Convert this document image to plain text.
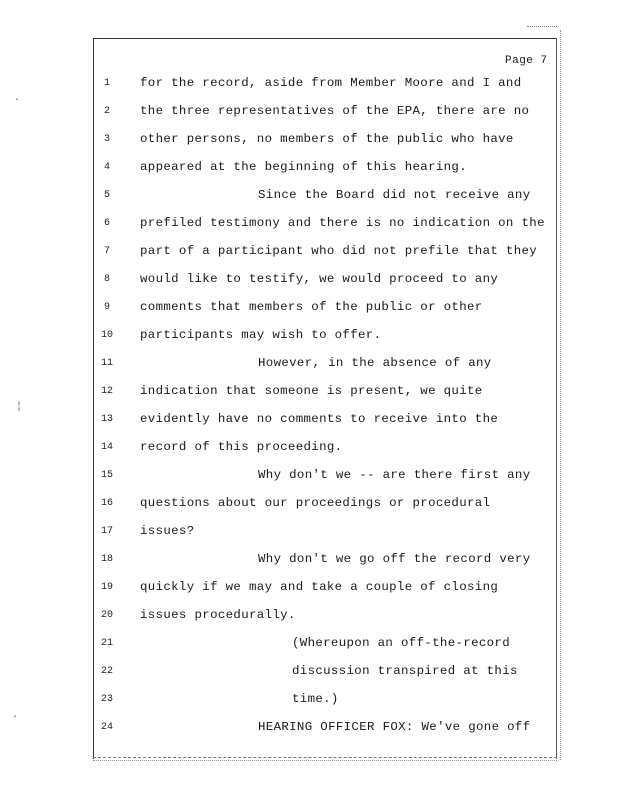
·
¦
·
Page 7
1	for the record, aside from Member Moore and I and
2	the three representatives of the EPA, there are no
3	other persons, no members of the public who have
4	appeared at the beginning of this hearing.
5	Since the Board did not receive any
6	prefiled testimony and there is no indication on the
7	part of a participant who did not prefile that they
8	would like to testify, we would proceed to any
9	comments that members of the public or other
10	participants may wish to offer.
11	However, in the absence of any
12	indication that someone is present, we quite
13	evidently have no comments to receive into the
14	record of this proceeding.
15	Why don't we -- are there first any
16	questions about our proceedings or procedural
17	issues?
18	Why don't we go off the record very
19	quickly if we may and take a couple of closing
20	issues procedurally.
21	(Whereupon an off-the-record
22	discussion transpired at this
23	time.)
24	HEARING OFFICER FOX: We've gone off
